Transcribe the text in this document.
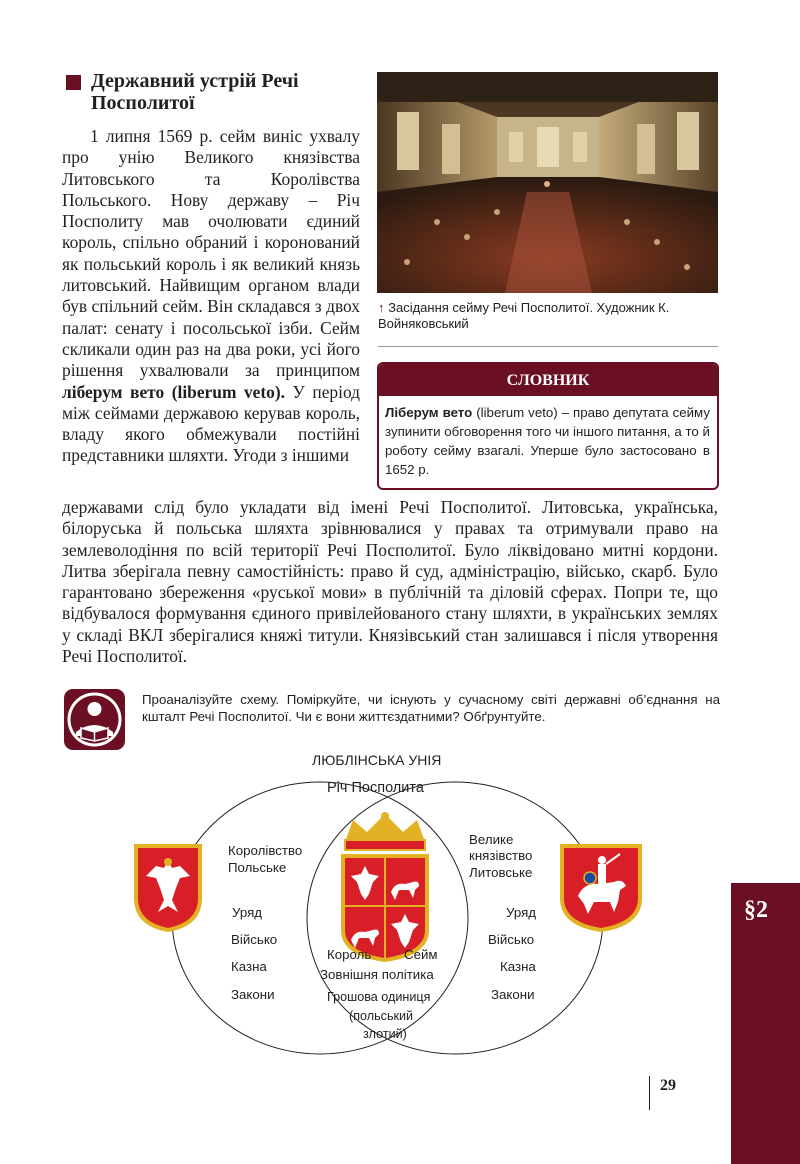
§2
Державний устрій Речі Посполитої

1 липня 1569 р. сейм виніс ухвалу про унію Великого князівства Литовського та Королівства Польського. Нову державу – Річ Посполиту мав очолювати єдиний король, спільно обраний і коронований як польський король і як великий князь литовський. Найвищим органом влади був спільний сейм. Він складався з двох палат: сенату і посольської ізби. Сейм скликали один раз на два роки, усі його рішення ухвалювали за принципом ліберум вето (liberum veto). У період між сеймами державою керував король, владу якого обмежували постійні представники шляхти. Угоди з іншими

↑ Засідання сейму Речі Посполитої. Художник К. Войняковський

СЛОВНИК

Ліберум вето (liberum veto) – право депутата сейму зупинити обговорення того чи іншого питання, а то й роботу сейму взагалі. Уперше було застосовано в 1652 р.

державами слід було укладати від імені Речі Посполитої. Литовська, українська, білоруська й польська шляхта зрівнювалися у правах та отримували право на землеволодіння по всій території Речі Посполитої. Було ліквідовано митні кордони. Литва зберігала певну самостійність: право й суд, адміністрацію, військо, скарб. Було гарантовано збереження «руської мови» в публічній та діловій сферах. Попри те, що відбувалося формування єдиного привілейованого стану шляхти, в українських землях у складі ВКЛ зберігалися княжі титули. Князівський стан залишався і після утворення Речі Посполитої.

Проаналізуйте схему. Поміркуйте, чи існують у сучасному світі державні об’єднання на кшталт Речі Посполитої. Чи є вони життєздатними? Обґрунтуйте.

ЛЮБЛІНСЬКА УНІЯ
Річ Посполита
Королівство
Польське
Велике
князівство
Литовське
Уряд
Військо
Казна
Закони
Уряд
Військо
Казна
Закони
Король Сейм
Зовнішня політика
Грошова одиниця
(польський
злотий)
29
